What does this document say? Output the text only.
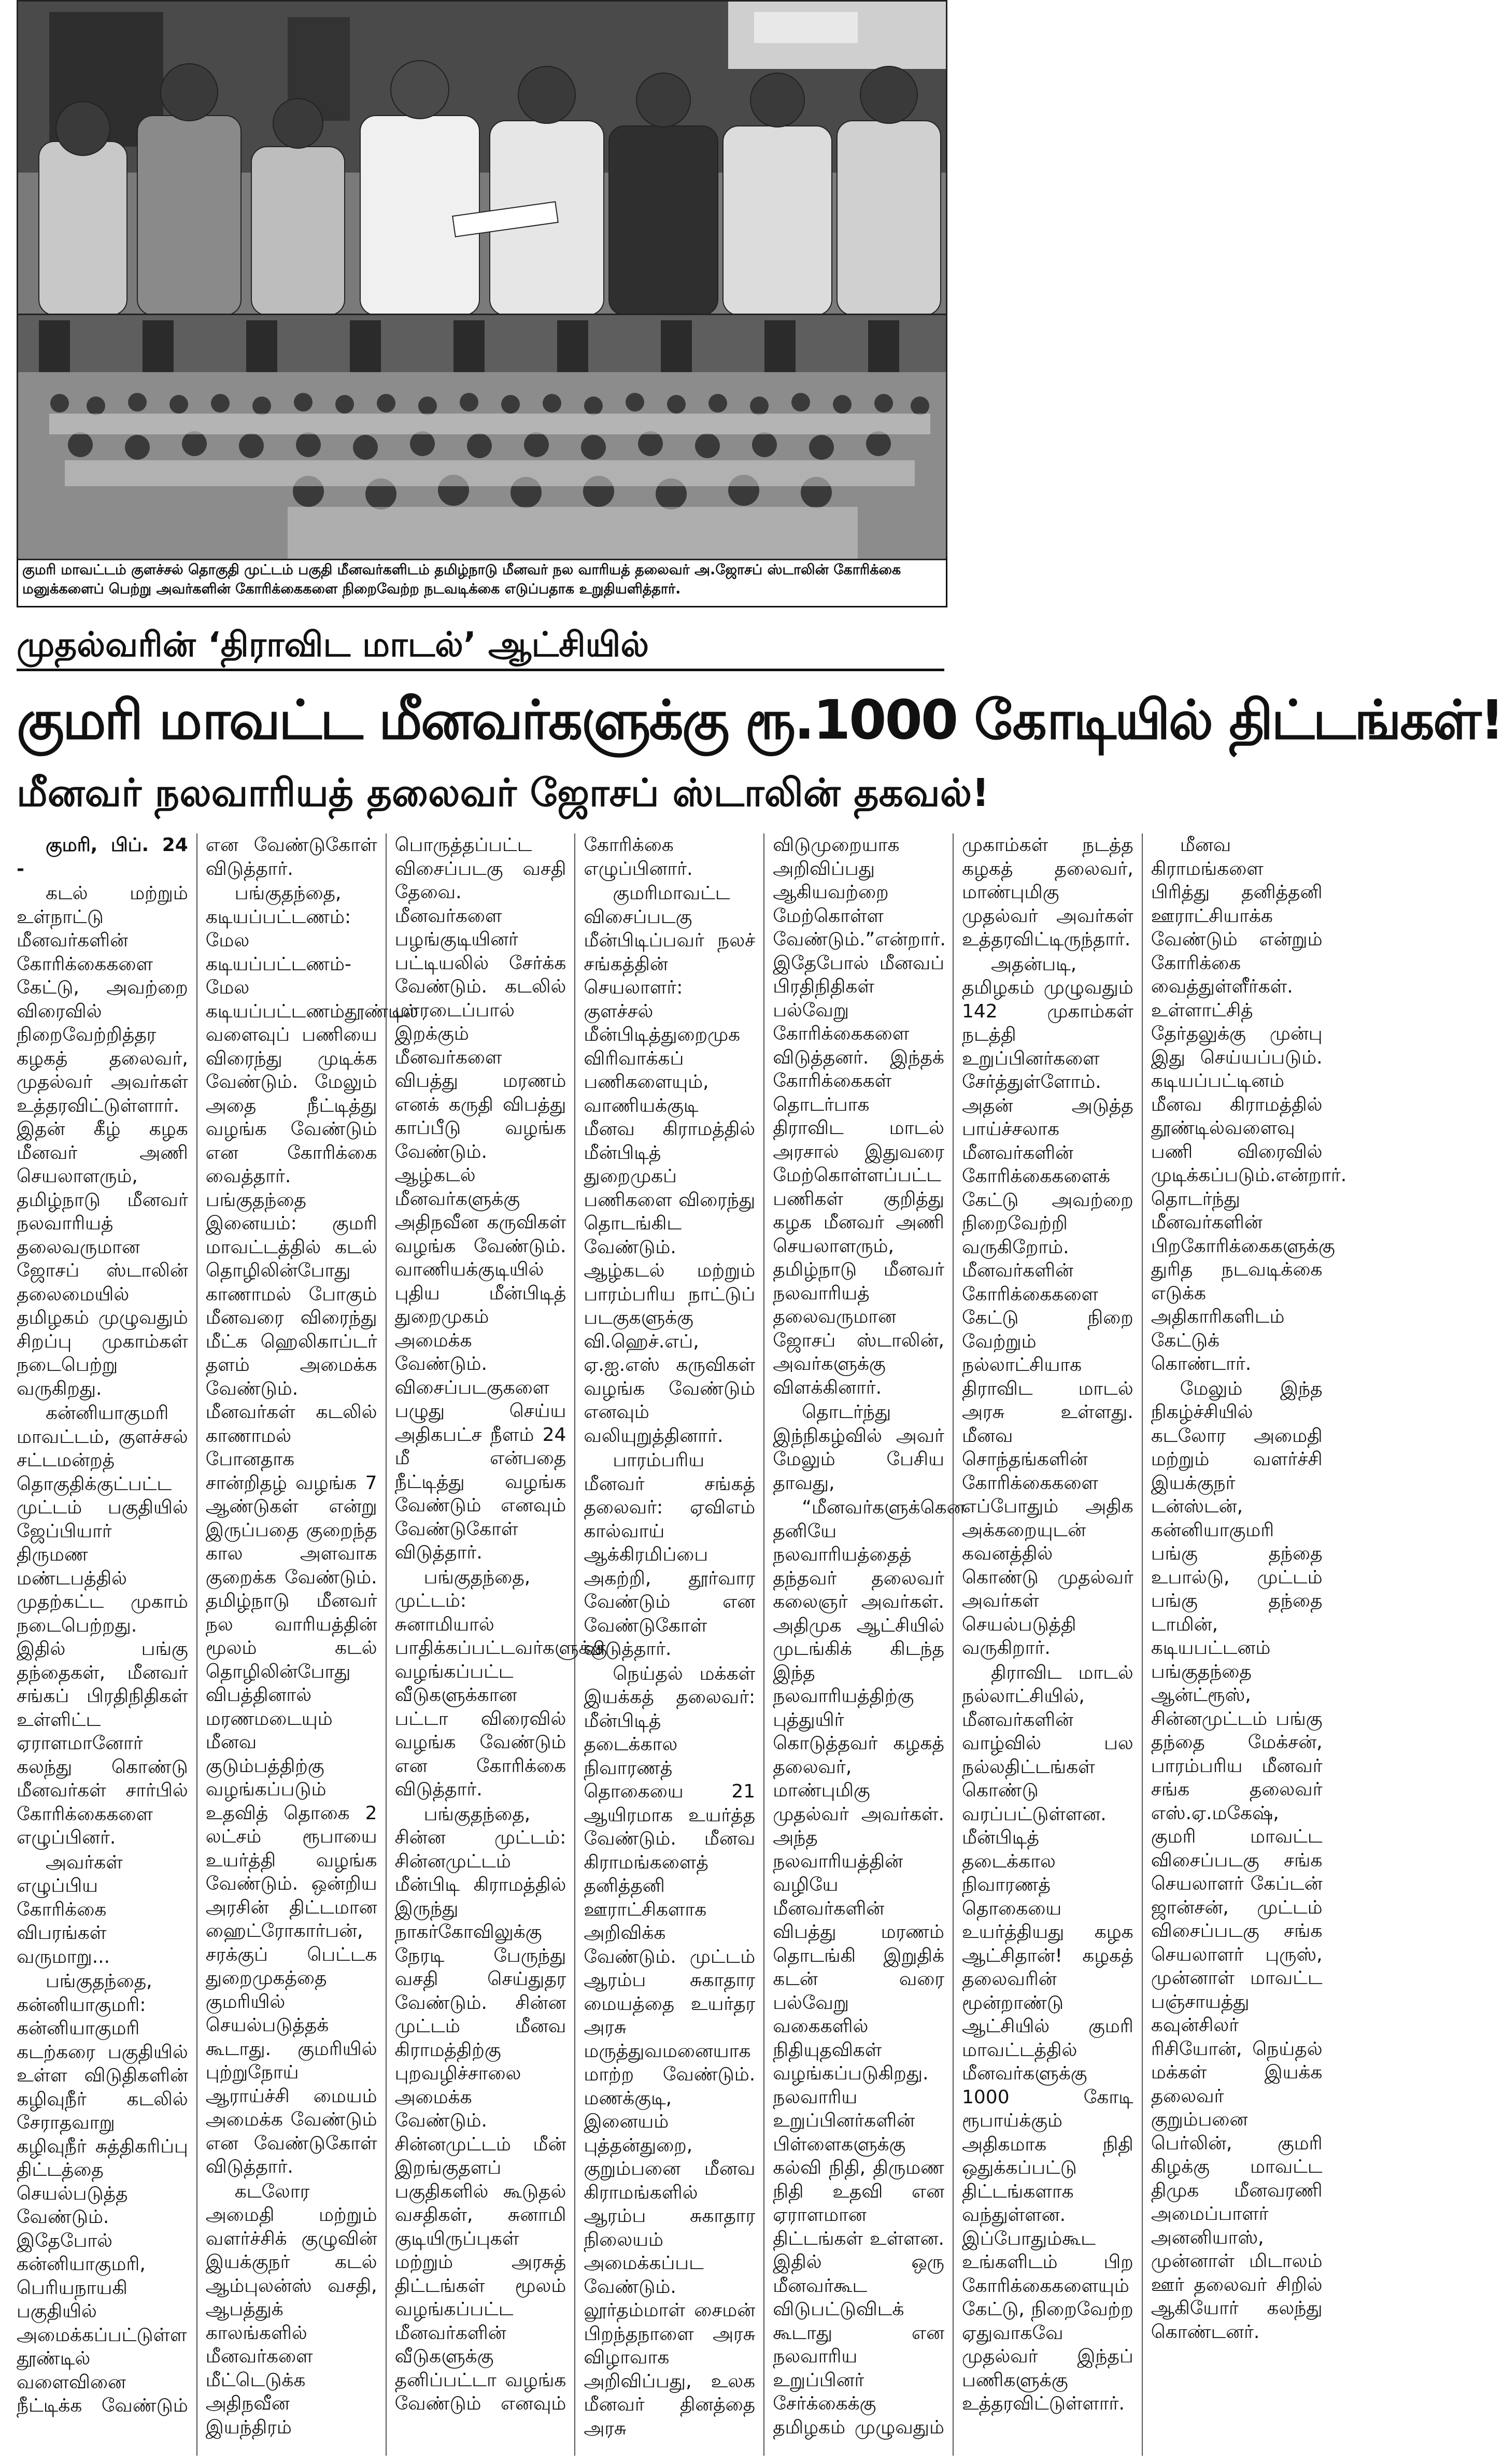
குமரி மாவட்டம் குளச்சல் தொகுதி முட்டம் பகுதி மீனவர்களிடம் தமிழ்நாடு மீனவர் நல வாரியத் தலைவர் அ.ஜோசப் ஸ்டாலின் கோரிக்கை மனுக்களைப் பெற்று அவர்களின் கோரிக்கைகளை நிறைவேற்ற நடவடிக்கை எடுப்பதாக உறுதியளித்தார்.
முதல்வரின் ‘திராவிட மாடல்’ ஆட்சியில்
குமரி மாவட்ட மீனவர்களுக்கு ரூ.1000 கோடியில் திட்டங்கள்!
மீனவர் நலவாரியத் தலைவர் ஜோசப் ஸ்டாலின் தகவல்!

குமரி, பிப். 24 -

கடல் மற்றும் உள்நாட்டு மீனவர்களின் கோரிக்கைகளை கேட்டு, அவற்றை விரைவில் நிறைவேற்றித்தர கழகத் தலைவர், முதல்வர் அவர்கள் உத்தரவிட்டுள்ளார். இதன் கீழ் கழக மீனவர் அணி செயலாளரும், தமிழ்நாடு மீனவர் நலவாரியத் தலைவருமான ஜோசப் ஸ்டாலின் தலைமையில் தமிழகம் முழுவதும் சிறப்பு முகாம்கள் நடைபெற்று வருகிறது.

கன்னியாகுமரி மாவட்டம், குளச்சல் சட்டமன்றத் தொகுதிக்குட்பட்ட முட்டம் பகுதியில் ஜேப்பியார் திருமண மண்டபத்தில் முதற்கட்ட முகாம் நடைபெற்றது. இதில் பங்கு தந்தைகள், மீனவர் சங்கப் பிரதிநிதிகள் உள்ளிட்ட ஏராளமானோர் கலந்து கொண்டு மீனவர்கள் சார்பில் கோரிக்கைகளை எழுப்பினர்.

அவர்கள் எழுப்பிய கோரிக்கை விபரங்கள் வருமாறு...

பங்குதந்தை, கன்னியாகுமரி: கன்னியாகுமரி கடற்கரை பகுதியில் உள்ள விடுதிகளின் கழிவுநீர் கடலில் சேராதவாறு கழிவுநீர் சுத்திகரிப்பு திட்டத்தை செயல்படுத்த வேண்டும். இதேபோல் கன்னியாகுமரி, பெரியநாயகி பகுதியில் அமைக்கப்பட்டுள்ள தூண்டில் வளைவினை நீட்டிக்க வேண்டும் என வேண்டுகோள் விடுத்தார்.

பங்குதந்தை, கடியப்பட்டணம்: மேல கடியப்பட்டணம்-மேல கடியப்பட்டணம்தூண்டில் வளைவுப் பணியை விரைந்து முடிக்க வேண்டும். மேலும் அதை நீட்டித்து வழங்க வேண்டும் என கோரிக்கை வைத்தார். பங்குதந்தை இனையம்: குமரி மாவட்டத்தில் கடல் தொழிலின்போது காணாமல் போகும் மீனவரை விரைந்து மீட்க ஹெலிகாப்டர் தளம் அமைக்க வேண்டும். மீனவர்கள் கடலில் காணாமல் போனதாக சான்றிதழ் வழங்க 7 ஆண்டுகள் என்று இருப்பதை குறைந்த கால அளவாக குறைக்க வேண்டும். தமிழ்நாடு மீனவர் நல வாரியத்தின் மூலம் கடல் தொழிலின்போது விபத்தினால் மரணமடையும் மீனவ குடும்பத்திற்கு வழங்கப்படும் உதவித் தொகை 2 லட்சம் ரூபாயை உயர்த்தி வழங்க வேண்டும். ஒன்றிய அரசின் திட்டமான ஹைட்ரோகார்பன், சரக்குப் பெட்டக துறைமுகத்தை குமரியில் செயல்படுத்தக் கூடாது. குமரியில் புற்றுநோய் ஆராய்ச்சி மையம் அமைக்க வேண்டும் என வேண்டுகோள் விடுத்தார்.

கடலோர அமைதி மற்றும் வளர்ச்சிக் குழுவின் இயக்குநர் கடல் ஆம்புலன்ஸ் வசதி, ஆபத்துக் காலங்களில் மீனவர்களை மீட்டெடுக்க அதிநவீன இயந்திரம் பொருத்தப்பட்ட விசைப்படகு வசதி தேவை. மீனவர்களை பழங்குடியினர் பட்டியலில் சேர்க்க வேண்டும். கடலில் மாரடைப்பால் இறக்கும் மீனவர்களை விபத்து மரணம் எனக் கருதி விபத்து காப்பீடு வழங்க வேண்டும். ஆழ்கடல் மீனவர்களுக்கு அதிநவீன கருவிகள் வழங்க வேண்டும். வாணியக்குடியில் புதிய மீன்பிடித் துறைமுகம் அமைக்க வேண்டும். விசைப்படகுகளை பழுது செய்ய அதிகபட்ச நீளம் 24 மீ என்பதை நீட்டித்து வழங்க வேண்டும் எனவும் வேண்டுகோள் விடுத்தார்.

பங்குதந்தை, முட்டம்: சுனாமியால் பாதிக்கப்பட்டவர்களுக்கு வழங்கப்பட்ட வீடுகளுக்கான பட்டா விரைவில் வழங்க வேண்டும் என கோரிக்கை விடுத்தார்.

பங்குதந்தை, சின்ன முட்டம்: சின்னமுட்டம் மீன்பிடி கிராமத்தில் இருந்து நாகர்கோவிலுக்கு நேரடி பேருந்து வசதி செய்துதர வேண்டும். சின்ன முட்டம் மீனவ கிராமத்திற்கு புறவழிச்சாலை அமைக்க வேண்டும். சின்னமுட்டம் மீன் இறங்குதளப் பகுதிகளில் கூடுதல் வசதிகள், சுனாமி குடியிருப்புகள் மற்றும் அரசுத் திட்டங்கள் மூலம் வழங்கப்பட்ட மீனவர்களின் வீடுகளுக்கு தனிப்பட்டா வழங்க வேண்டும் எனவும் கோரிக்கை எழுப்பினார்.

குமரிமாவட்ட விசைப்படகு மீன்பிடிப்பவர் நலச் சங்கத்தின் செயலாளர்: குளச்சல் மீன்பிடித்துறைமுக விரிவாக்கப் பணிகளையும், வாணியக்குடி மீனவ கிராமத்தில் மீன்பிடித் துறைமுகப் பணிகளை விரைந்து தொடங்கிட வேண்டும். ஆழ்கடல் மற்றும் பாரம்பரிய நாட்டுப் படகுகளுக்கு வி.ஹெச்.எப், ஏ.ஐ.எஸ் கருவிகள் வழங்க வேண்டும் எனவும் வலியுறுத்தினார்.

பாரம்பரிய மீனவர் சங்கத் தலைவர்: ஏவிஎம் கால்வாய் ஆக்கிரமிப்பை அகற்றி, தூர்வார வேண்டும் என வேண்டுகோள் விடுத்தார்.

நெய்தல் மக்கள் இயக்கத் தலைவர்: மீன்பிடித் தடைக்கால நிவாரணத் தொகையை 21 ஆயிரமாக உயர்த்த வேண்டும். மீனவ கிராமங்களைத் தனித்தனி ஊராட்சிகளாக அறிவிக்க வேண்டும். முட்டம் ஆரம்ப சுகாதார மையத்தை உயர்தர அரசு மருத்துவமனையாக மாற்ற வேண்டும். மணக்குடி, இனையம் புத்தன்துறை, குறும்பனை மீனவ கிராமங்களில் ஆரம்ப சுகாதார நிலையம் அமைக்கப்பட வேண்டும். லூர்தம்மாள் சைமன் பிறந்தநாளை அரசு விழாவாக அறிவிப்பது, உலக மீனவர் தினத்தை அரசு விடுமுறையாக அறிவிப்பது ஆகியவற்றை மேற்கொள்ள வேண்டும்.”என்றார். இதேபோல் மீனவப் பிரதிநிதிகள் பல்வேறு கோரிக்கைகளை விடுத்தனர். இந்தக் கோரிக்கைகள் தொடர்பாக திராவிட மாடல் அரசால் இதுவரை மேற்கொள்ளப்பட்ட பணிகள் குறித்து கழக மீனவர் அணி செயலாளரும், தமிழ்நாடு மீனவர் நலவாரியத் தலைவருமான ஜோசப் ஸ்டாலின், அவர்களுக்கு விளக்கினார்.

தொடர்ந்து இந்நிகழ்வில் அவர் மேலும் பேசிய தாவது,

“மீனவர்களுக்கென தனியே நலவாரியத்தைத் தந்தவர் தலைவர் கலைஞர் அவர்கள். அதிமுக ஆட்சியில் முடங்கிக் கிடந்த இந்த நலவாரியத்திற்கு புத்துயிர் கொடுத்தவர் கழகத் தலைவர், மாண்புமிகு முதல்வர் அவர்கள். அந்த நலவாரியத்தின் வழியே மீனவர்களின் விபத்து மரணம் தொடங்கி இறுதிக் கடன் வரை பல்வேறு வகைகளில் நிதியுதவிகள் வழங்கப்படுகிறது. நலவாரிய உறுப்பினர்களின் பிள்ளைகளுக்கு கல்வி நிதி, திருமண நிதி உதவி என ஏராளமான திட்டங்கள் உள்ளன. இதில் ஒரு மீனவர்கூட விடுபட்டுவிடக் கூடாது என நலவாரிய உறுப்பினர் சேர்க்கைக்கு தமிழகம் முழுவதும் முகாம்கள் நடத்த கழகத் தலைவர், மாண்புமிகு முதல்வர் அவர்கள் உத்தரவிட்டிருந்தார்.

அதன்படி, தமிழகம் முழுவதும் 142 முகாம்கள் நடத்தி உறுப்பினர்களை சேர்த்துள்ளோம். அதன் அடுத்த பாய்ச்சலாக மீனவர்களின் கோரிக்கைகளைக் கேட்டு அவற்றை நிறைவேற்றி வருகிறோம். மீனவர்களின் கோரிக்கைகளை கேட்டு நிறை வேற்றும் நல்லாட்சியாக திராவிட மாடல் அரசு உள்ளது. மீனவ சொந்தங்களின் கோரிக்கைகளை எப்போதும் அதிக அக்கறையுடன் கவனத்தில் கொண்டு முதல்வர் அவர்கள் செயல்படுத்தி வருகிறார்.

திராவிட மாடல் நல்லாட்சியில், மீனவர்களின் வாழ்வில் பல நல்லதிட்டங்கள் கொண்டு வரப்பட்டுள்ளன. மீன்பிடித் தடைக்கால நிவாரணத் தொகையை உயர்த்தியது கழக ஆட்சிதான்! கழகத் தலைவரின் மூன்றாண்டு ஆட்சியில் குமரி மாவட்டத்தில் மீனவர்களுக்கு 1000 கோடி ரூபாய்க்கும் அதிகமாக நிதி ஒதுக்கப்பட்டு திட்டங்களாக வந்துள்ளன. இப்போதும்கூட உங்களிடம் பிற கோரிக்கைகளையும் கேட்டு, நிறைவேற்ற ஏதுவாகவே முதல்வர் இந்தப் பணிகளுக்கு உத்தரவிட்டுள்ளார்.

மீனவ கிராமங்களை பிரித்து தனித்தனி ஊராட்சியாக்க வேண்டும் என்றும் கோரிக்கை வைத்துள்ளீர்கள். உள்ளாட்சித் தேர்தலுக்கு முன்பு இது செய்யப்படும். கடியப்பட்டினம் மீனவ கிராமத்தில் தூண்டில்வளைவு பணி விரைவில் முடிக்கப்படும்.என்றார். தொடர்ந்து மீனவர்களின் பிறகோரிக்கைகளுக்கு துரித நடவடிக்கை எடுக்க அதிகாரிகளிடம் கேட்டுக் கொண்டார்.

மேலும் இந்த நிகழ்ச்சியில் கடலோர அமைதி மற்றும் வளர்ச்சி இயக்குநர் டன்ஸ்டன், கன்னியாகுமரி பங்கு தந்தை உபால்டு, முட்டம் பங்கு தந்தை டாமின், கடியபட்டனம் பங்குதந்தை ஆன்ட்ரூஸ், சின்னமுட்டம் பங்கு தந்தை மேக்சன், பாரம்பரிய மீனவர் சங்க தலைவர் எஸ்.ஏ.மகேஷ், குமரி மாவட்ட விசைப்படகு சங்க செயலாளர் கேப்டன் ஜான்சன், முட்டம் விசைப்படகு சங்க செயலாளர் புருஸ், முன்னாள் மாவட்ட பஞ்சாயத்து கவுன்சிலர் ரிசியோன், நெய்தல் மக்கள் இயக்க தலைவர் குறும்பனை பெர்லின், குமரி கிழக்கு மாவட்ட திமுக மீனவரணி அமைப்பாளர் அனனியாஸ், முன்னாள் மிடாலம் ஊர் தலைவர் சிறில் ஆகியோர் கலந்து கொண்டனர்.
